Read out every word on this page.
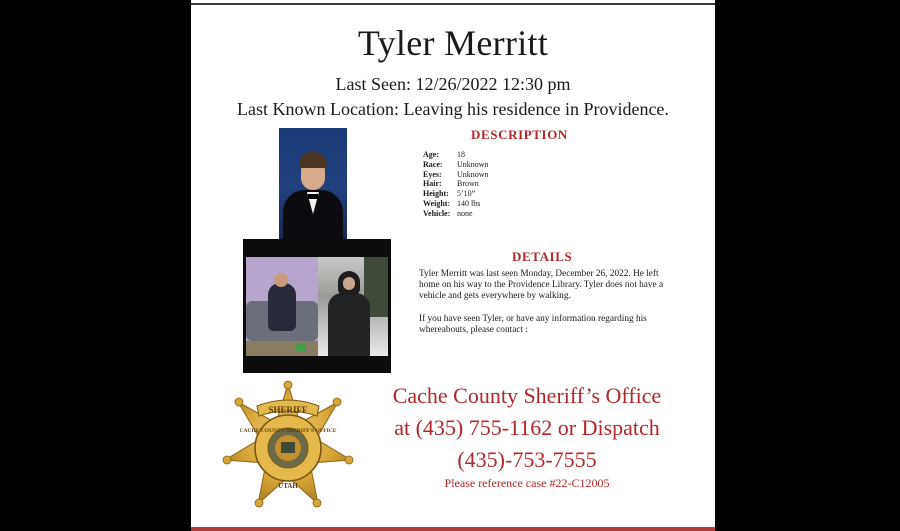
Tyler Merritt
Last Seen: 12/26/2022 12:30 pm
Last Known Location: Leaving his residence in Providence.
DESCRIPTION
Age:	18
Race:	Unknown
Eyes:	Unknown
Hair:	Brown
Height:	5’10”
Weight: 140 lbs
Vehicle: none
DETAILS
Tyler Merritt was last seen Monday, December 26, 2022. He left home on his way to the Providence Library. Tyler does not have a vehicle and gets everywhere by walking.
If you have seen Tyler, or have any information regarding his whereabouts, please contact :
SHERIFF
CACHE COUNTY SHERIFF'S OFFICE
UTAH
Cache County Sheriff’s Office
at (435) 755-1162 or Dispatch
(435)-753-7555
Please reference case #22-C12005
